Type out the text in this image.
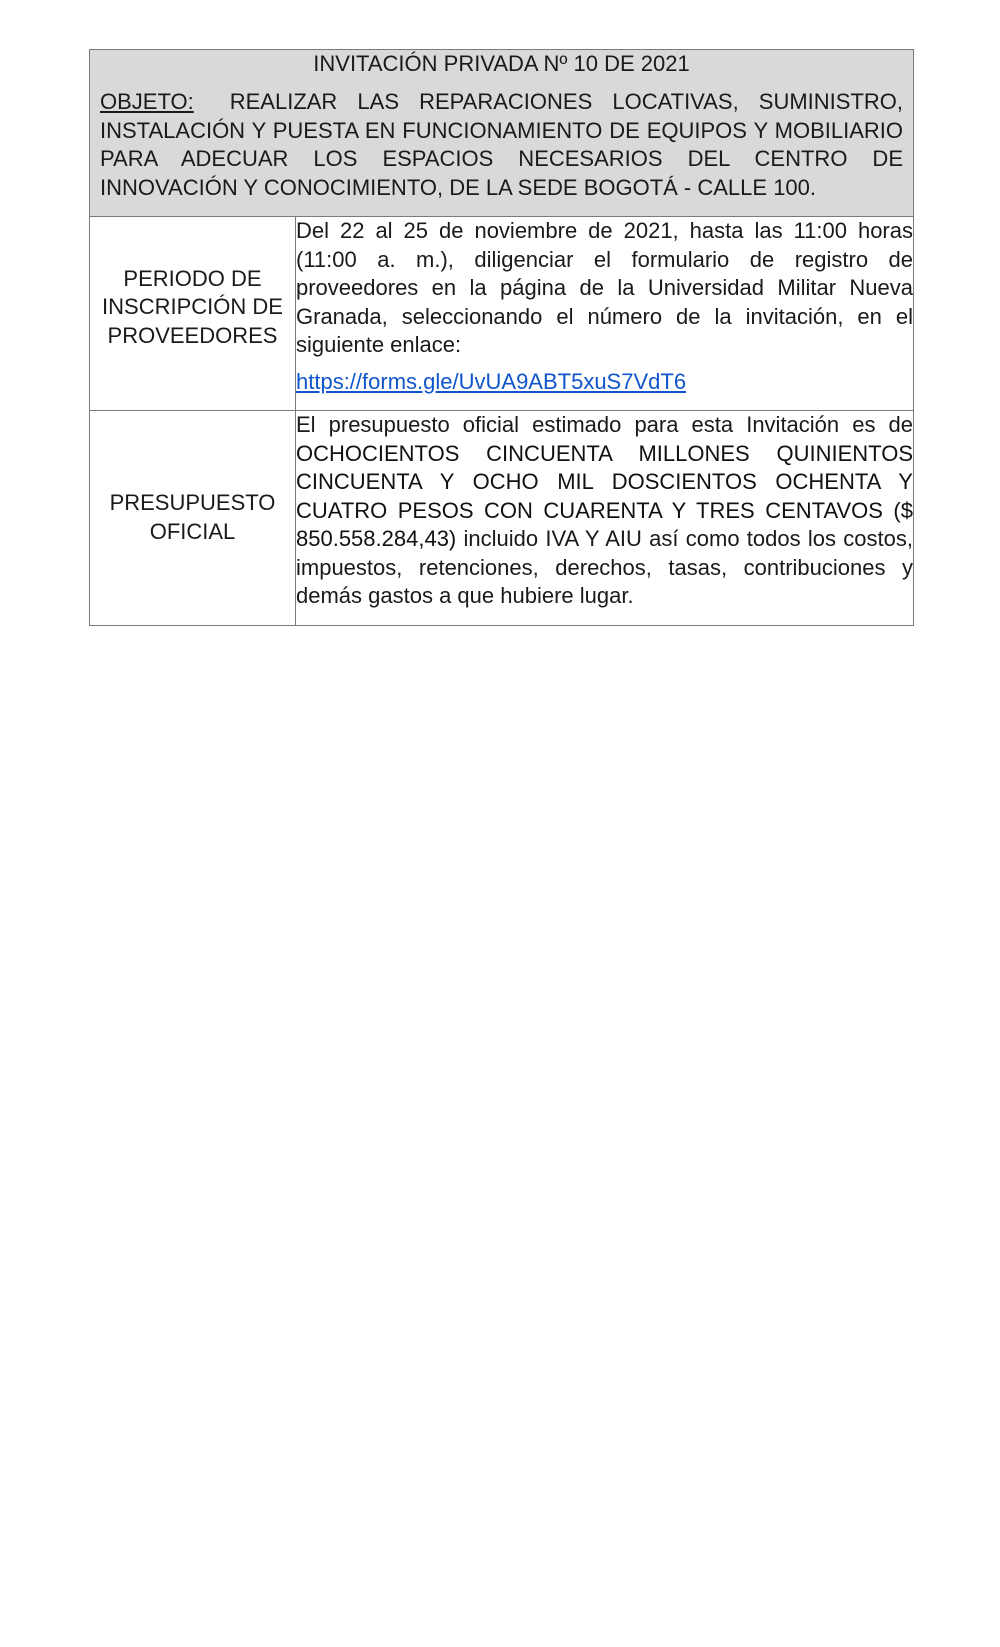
INVITACIÓN PRIVADA Nº 10 DE 2021

OBJETO: REALIZAR LAS REPARACIONES LOCATIVAS, SUMINISTRO, INSTALACIÓN Y PUESTA EN FUNCIONAMIENTO DE EQUIPOS Y MOBILIARIO PARA ADECUAR LOS ESPACIOS NECESARIOS DEL CENTRO DE INNOVACIÓN Y CONOCIMIENTO, DE LA SEDE BOGOTÁ - CALLE 100.

PERIODO DE INSCRIPCIÓN DE PROVEEDORES

Del 22 al 25 de noviembre de 2021, hasta las 11:00 horas (11:00 a. m.), diligenciar el formulario de registro de proveedores en la página de la Universidad Militar Nueva Granada, seleccionando el número de la invitación, en el siguiente enlace:

https://forms.gle/UvUA9ABT5xuS7VdT6
PRESUPUESTO OFICIAL

El presupuesto oficial estimado para esta Invitación es de OCHOCIENTOS CINCUENTA MILLONES QUINIENTOS CINCUENTA Y OCHO MIL DOSCIENTOS OCHENTA Y CUATRO PESOS CON CUARENTA Y TRES CENTAVOS ($ 850.558.284,43) incluido IVA Y AIU así como todos los costos, impuestos, retenciones, derechos, tasas, contribuciones y demás gastos a que hubiere lugar.
